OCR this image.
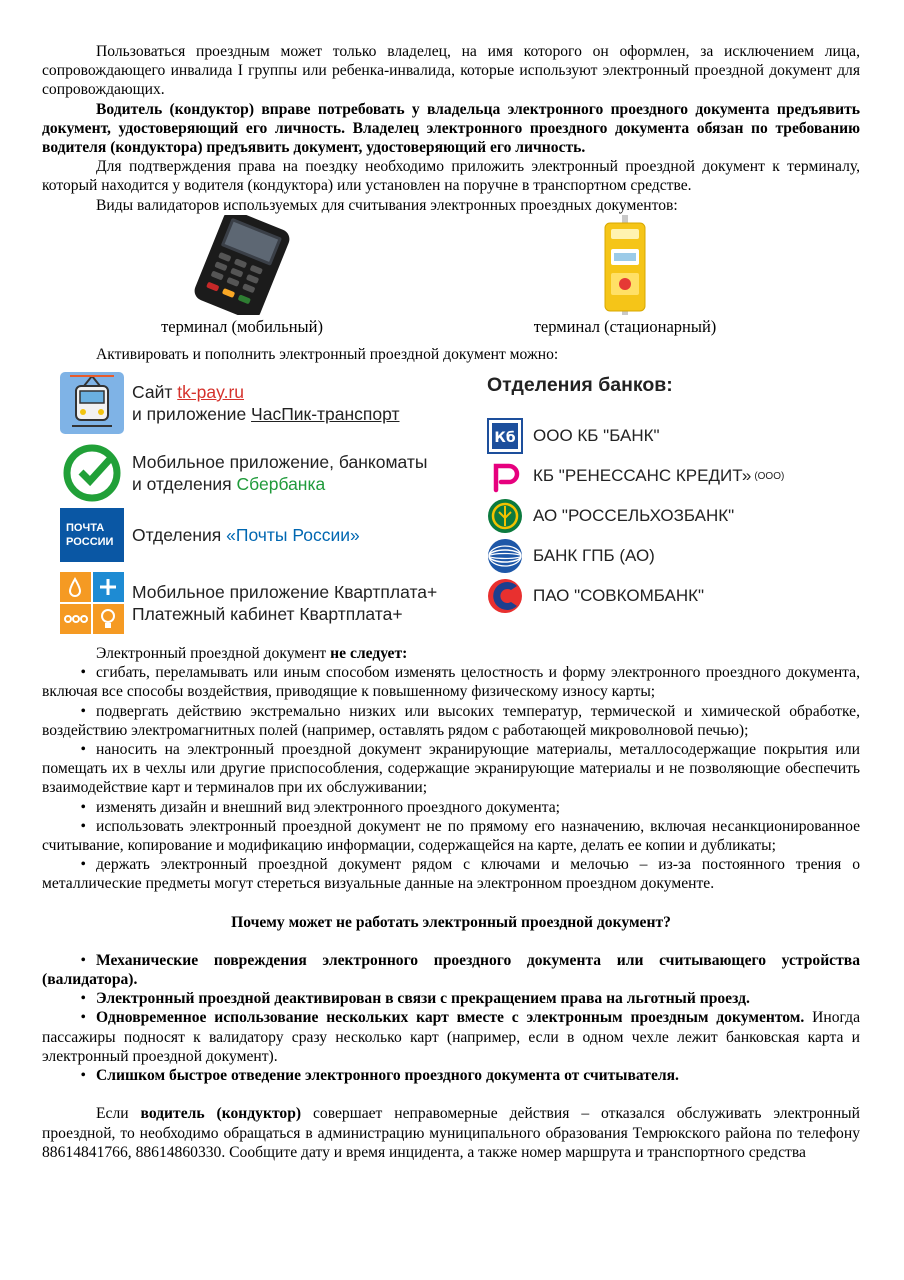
Пользоваться проездным может только владелец, на имя которого он оформлен, за исключением лица, сопровождающего инвалида I группы или ребенка-инвалида, которые используют электронный проездной документ для сопровождающих.

Водитель (кондуктор) вправе потребовать у владельца электронного проездного документа предъявить документ, удостоверяющий его личность. Владелец электронного проездного документа обязан по требованию водителя (кондуктора) предъявить документ, удостоверяющий его личность.

Для подтверждения права на поездку необходимо приложить электронный проездной документ к терминалу, который находится у водителя (кондуктора) или установлен на поручне в транспортном средстве.

Виды валидаторов используемых для считывания электронных проездных документов:

терминал (мобильный)	терминал (стационарный)

Активировать и пополнить электронный проездной документ можно:

Сайт tk-pay.ru
и приложение ЧасПик-транспорт
Мобильное приложение, банкоматы
и отделения Сбербанка
ПОЧТА
РОССИИ	Отделения «Почты России»
Мобильное приложение Квартплата+
Платежный кабинет Квартплата+
Отделения банков:
Кб ООО КБ "БАНК"
КБ "РЕНЕССАНС КРЕДИТ» (ООО)
АО "РОССЕЛЬХОЗБАНК"
БАНК ГПБ (АО)
ПАО "СОВКОМБАНК"

Электронный проездной документ не следует:

• сгибать, переламывать или иным способом изменять целостность и форму электронного проездного документа, включая все способы воздействия, приводящие к повышенному физическому износу карты;
• подвергать действию экстремально низких или высоких температур, термической и химической обработке, воздействию электромагнитных полей (например, оставлять рядом с работающей микроволновой печью);
• наносить на электронный проездной документ экранирующие материалы, металлосодержащие покрытия или помещать их в чехлы или другие приспособления, содержащие экранирующие материалы и не позволяющие обеспечить взаимодействие карт и терминалов при их обслуживании;
• изменять дизайн и внешний вид электронного проездного документа;
• использовать электронный проездной документ не по прямому его назначению, включая несанкционированное считывание, копирование и модификацию информации, содержащейся на карте, делать ее копии и дубликаты;
• держать электронный проездной документ рядом с ключами и мелочью – из-за постоянного трения о металлические предметы могут стереться визуальные данные на электронном проездном документе.

Почему может не работать электронный проездной документ?

• Механические повреждения электронного проездного документа или считывающего устройства (валидатора).
• Электронный проездной деактивирован в связи с прекращением права на льготный проезд.
• Одновременное использование нескольких карт вместе с электронным проездным документом. Иногда пассажиры подносят к валидатору сразу несколько карт (например, если в одном чехле лежит банковская карта и электронный проездной документ).
• Слишком быстрое отведение электронного проездного документа от считывателя.

Если водитель (кондуктор) совершает неправомерные действия – отказался обслуживать электронный проездной, то необходимо обращаться в администрацию муниципального образования Темрюкского района по телефону 88614841766, 88614860330. Сообщите дату и время инцидента, а также номер маршрута и транспортного средства
